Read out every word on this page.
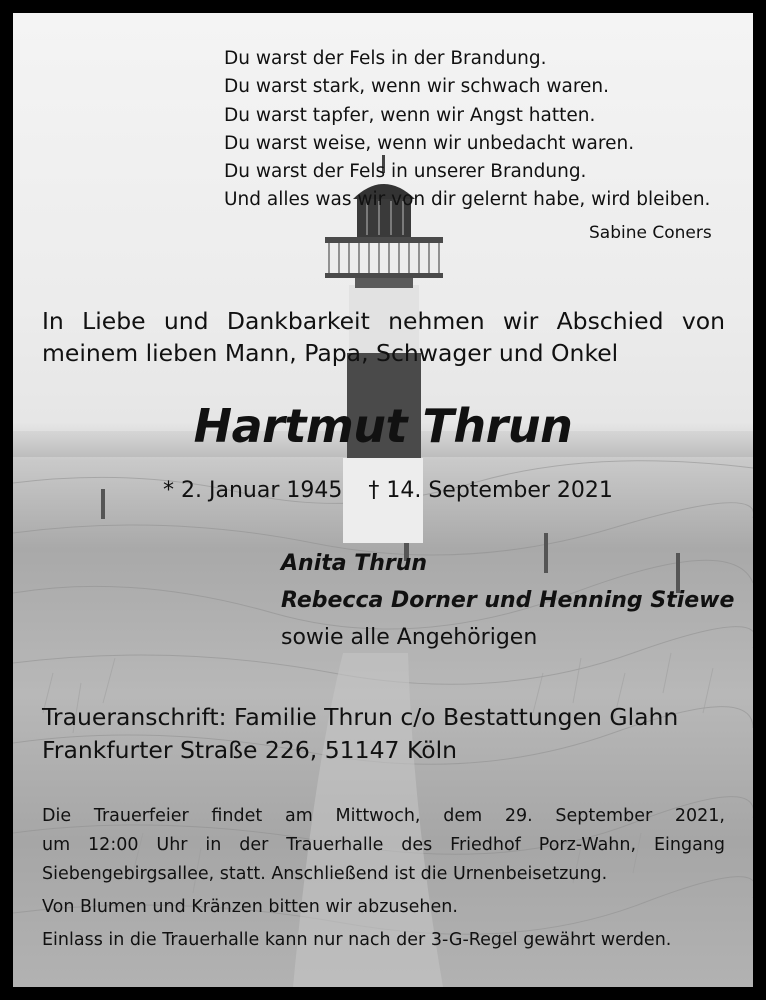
Du warst der Fels in der Brandung.
Du warst stark, wenn wir schwach waren.
Du warst tapfer, wenn wir Angst hatten.
Du warst weise, wenn wir unbedacht waren.
Du warst der Fels in unserer Brandung.
Und alles was wir von dir gelernt habe, wird bleiben.
Sabine Coners
In Liebe und Dankbarkeit nehmen wir Abschied von
meinem lieben Mann, Papa, Schwager und Onkel
Hartmut Thrun
* 2. Januar 1945 † 14. September 2021
Anita Thrun
Rebecca Dorner und Henning Stiewe
sowie alle Angehörigen
Traueranschrift: Familie Thrun c/o Bestattungen Glahn
Frankfurter Straße 226, 51147 Köln
Die Trauerfeier findet am Mittwoch, dem 29. September 2021,
um 12:00 Uhr in der Trauerhalle des Friedhof Porz-Wahn, Eingang
Siebengebirgsallee, statt. Anschließend ist die Urnenbeisetzung.
Von Blumen und Kränzen bitten wir abzusehen.
Einlass in die Trauerhalle kann nur nach der 3-G-Regel gewährt werden.
